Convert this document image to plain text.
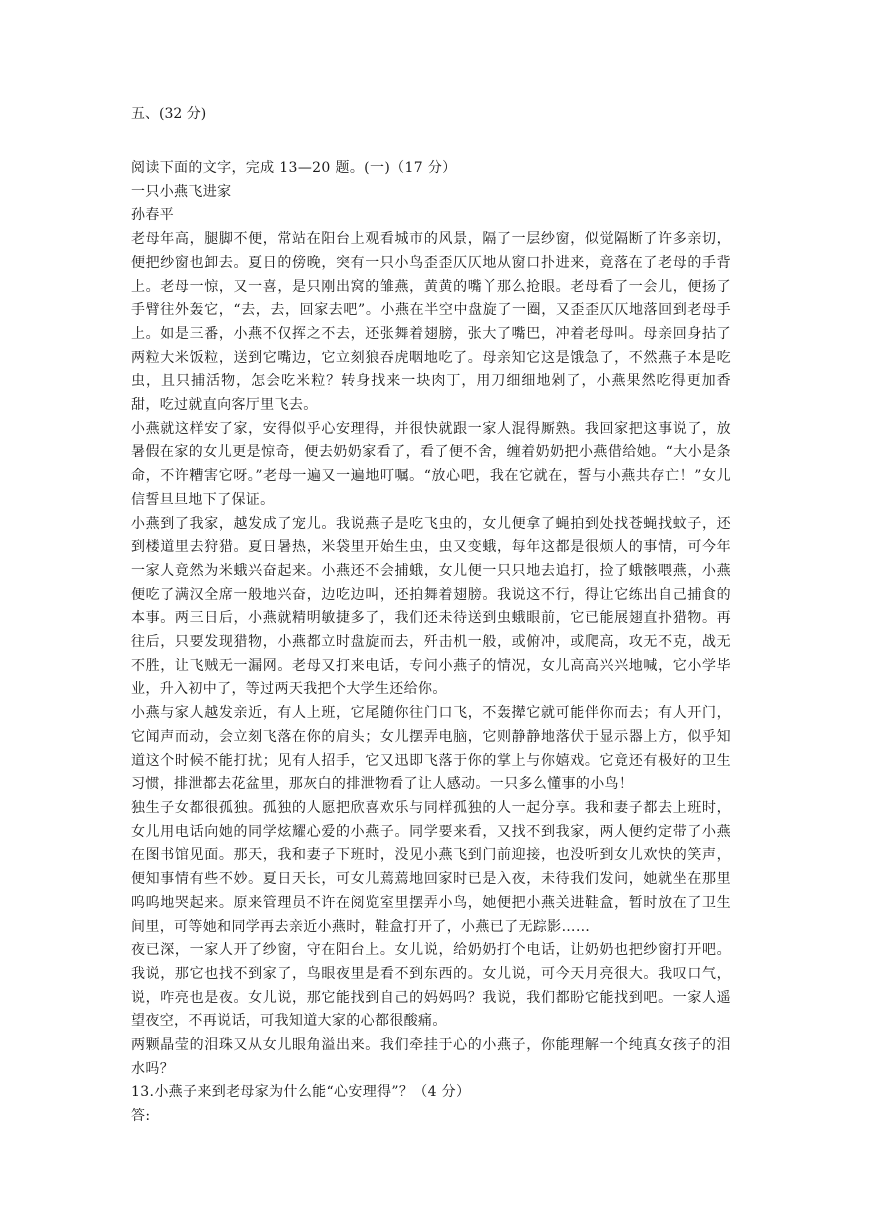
五、(32 分)

阅读下面的文字，完成 13—20 题。(一)（17 分）

一只小燕飞进家

孙春平

老母年高，腿脚不便，常站在阳台上观看城市的风景，隔了一层纱窗，似觉隔断了许多亲切，便把纱窗也卸去。夏日的傍晚，突有一只小鸟歪歪仄仄地从窗口扑进来，竟落在了老母的手背上。老母一惊，又一喜，是只刚出窝的雏燕，黄黄的嘴丫那么抢眼。老母看了一会儿，便扬了手臂往外轰它，“去，去，回家去吧”。小燕在半空中盘旋了一圈，又歪歪仄仄地落回到老母手上。如是三番，小燕不仅挥之不去，还张舞着翅膀，张大了嘴巴，冲着老母叫。母亲回身拈了两粒大米饭粒，送到它嘴边，它立刻狼吞虎咽地吃了。母亲知它这是饿急了，不然燕子本是吃虫，且只捕活物，怎会吃米粒？转身找来一块肉丁，用刀细细地剁了，小燕果然吃得更加香甜，吃过就直向客厅里飞去。

小燕就这样安了家，安得似乎心安理得，并很快就跟一家人混得厮熟。我回家把这事说了，放暑假在家的女儿更是惊奇，便去奶奶家看了，看了便不舍，缠着奶奶把小燕借给她。“大小是条命，不许糟害它呀。”老母一遍又一遍地叮嘱。“放心吧，我在它就在，誓与小燕共存亡！”女儿信誓旦旦地下了保证。

小燕到了我家，越发成了宠儿。我说燕子是吃飞虫的，女儿便拿了蝇拍到处找苍蝇找蚊子，还到楼道里去狩猎。夏日暑热，米袋里开始生虫，虫又变蛾，每年这都是很烦人的事情，可今年一家人竟然为米蛾兴奋起来。小燕还不会捕蛾，女儿便一只只地去追打，捡了蛾骸喂燕，小燕便吃了满汉全席一般地兴奋，边吃边叫，还拍舞着翅膀。我说这不行，得让它练出自己捕食的本事。两三日后，小燕就精明敏捷多了，我们还未待送到虫蛾眼前，它已能展翅直扑猎物。再往后，只要发现猎物，小燕都立时盘旋而去，歼击机一般，或俯冲，或爬高，攻无不克，战无不胜，让飞贼无一漏网。老母又打来电话，专问小燕子的情况，女儿高高兴兴地喊，它小学毕业，升入初中了，等过两天我把个大学生还给你。

小燕与家人越发亲近，有人上班，它尾随你往门口飞，不轰撵它就可能伴你而去；有人开门，它闻声而动，会立刻飞落在你的肩头；女儿摆弄电脑，它则静静地落伏于显示器上方，似乎知道这个时候不能打扰；见有人招手，它又迅即飞落于你的掌上与你嬉戏。它竟还有极好的卫生习惯，排泄都去花盆里，那灰白的排泄物看了让人感动。一只多么懂事的小鸟！

独生子女都很孤独。孤独的人愿把欣喜欢乐与同样孤独的人一起分享。我和妻子都去上班时，女儿用电话向她的同学炫耀心爱的小燕子。同学要来看，又找不到我家，两人便约定带了小燕在图书馆见面。那天，我和妻子下班时，没见小燕飞到门前迎接，也没听到女儿欢快的笑声，便知事情有些不妙。夏日天长，可女儿蔫蔫地回家时已是入夜，未待我们发问，她就坐在那里呜呜地哭起来。原来管理员不许在阅览室里摆弄小鸟，她便把小燕关进鞋盒，暂时放在了卫生间里，可等她和同学再去亲近小燕时，鞋盒打开了，小燕已了无踪影……

夜已深，一家人开了纱窗，守在阳台上。女儿说，给奶奶打个电话，让奶奶也把纱窗打开吧。我说，那它也找不到家了，鸟眼夜里是看不到东西的。女儿说，可今天月亮很大。我叹口气，说，咋亮也是夜。女儿说，那它能找到自己的妈妈吗？我说，我们都盼它能找到吧。一家人遥望夜空，不再说话，可我知道大家的心都很酸痛。

两颗晶莹的泪珠又从女儿眼角溢出来。我们牵挂于心的小燕子，你能理解一个纯真女孩子的泪水吗？

13.小燕子来到老母家为什么能“心安理得”？（4 分）

答:
